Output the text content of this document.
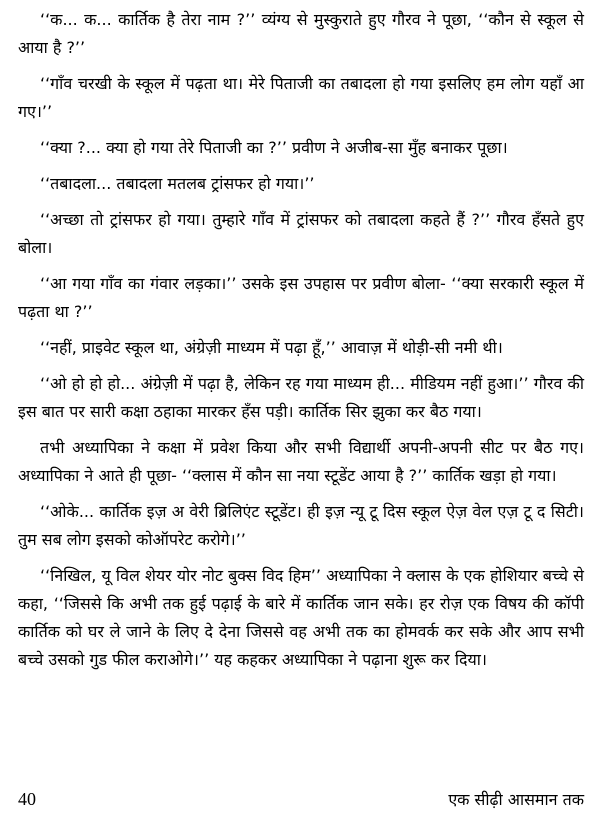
‘‘क... क... कार्तिक है तेरा नाम ?’’ व्यंग्य से मुस्कुराते हुए गौरव ने पूछा, ‘‘कौन से स्कूल से आया है ?’’

‘‘गाँव चरखी के स्कूल में पढ़ता था। मेरे पिताजी का तबादला हो गया इसलिए हम लोग यहाँ आ गए।’’

‘‘क्या ?... क्या हो गया तेरे पिताजी का ?’’ प्रवीण ने अजीब-सा मुँह बनाकर पूछा।

‘‘तबादला... तबादला मतलब ट्रांसफर हो गया।’’

‘‘अच्छा तो ट्रांसफर हो गया। तुम्हारे गाँव में ट्रांसफर को तबादला कहते हैं ?’’ गौरव हँसते हुए बोला।

‘‘आ गया गाँव का गंवार लड़का।’’ उसके इस उपहास पर प्रवीण बोला- ‘‘क्या सरकारी स्कूल में पढ़ता था ?’’

‘‘नहीं, प्राइवेट स्कूल था, अंग्रेज़ी माध्यम में पढ़ा हूँ,’’ आवाज़ में थोड़ी-सी नमी थी।

‘‘ओ हो हो हो... अंग्रेज़ी में पढ़ा है, लेकिन रह गया माध्यम ही... मीडियम नहीं हुआ।’’ गौरव की इस बात पर सारी कक्षा ठहाका मारकर हँस पड़ी। कार्तिक सिर झुका कर बैठ गया।

तभी अध्यापिका ने कक्षा में प्रवेश किया और सभी विद्यार्थी अपनी-अपनी सीट पर बैठ गए। अध्यापिका ने आते ही पूछा- ‘‘क्लास में कौन सा नया स्टूडेंट आया है ?’’ कार्तिक खड़ा हो गया।

‘‘ओके... कार्तिक इज़ अ वेरी ब्रिलिएंट स्टूडेंट। ही इज़ न्यू टू दिस स्कूल ऐज़ वेल एज़ टू द सिटी। तुम सब लोग इसको कोऑपरेट करोगे।’’

‘‘निखिल, यू विल शेयर योर नोट बुक्स विद हिम’’ अध्यापिका ने क्लास के एक होशियार बच्चे से कहा, ‘‘जिससे कि अभी तक हुई पढ़ाई के बारे में कार्तिक जान सके। हर रोज़ एक विषय की कॉपी कार्तिक को घर ले जाने के लिए दे देना जिससे वह अभी तक का होमवर्क कर सके और आप सभी बच्चे उसको गुड फील कराओगे।’’ यह कहकर अध्यापिका ने पढ़ाना शुरू कर दिया।

40	एक सीढ़ी आसमान तक
